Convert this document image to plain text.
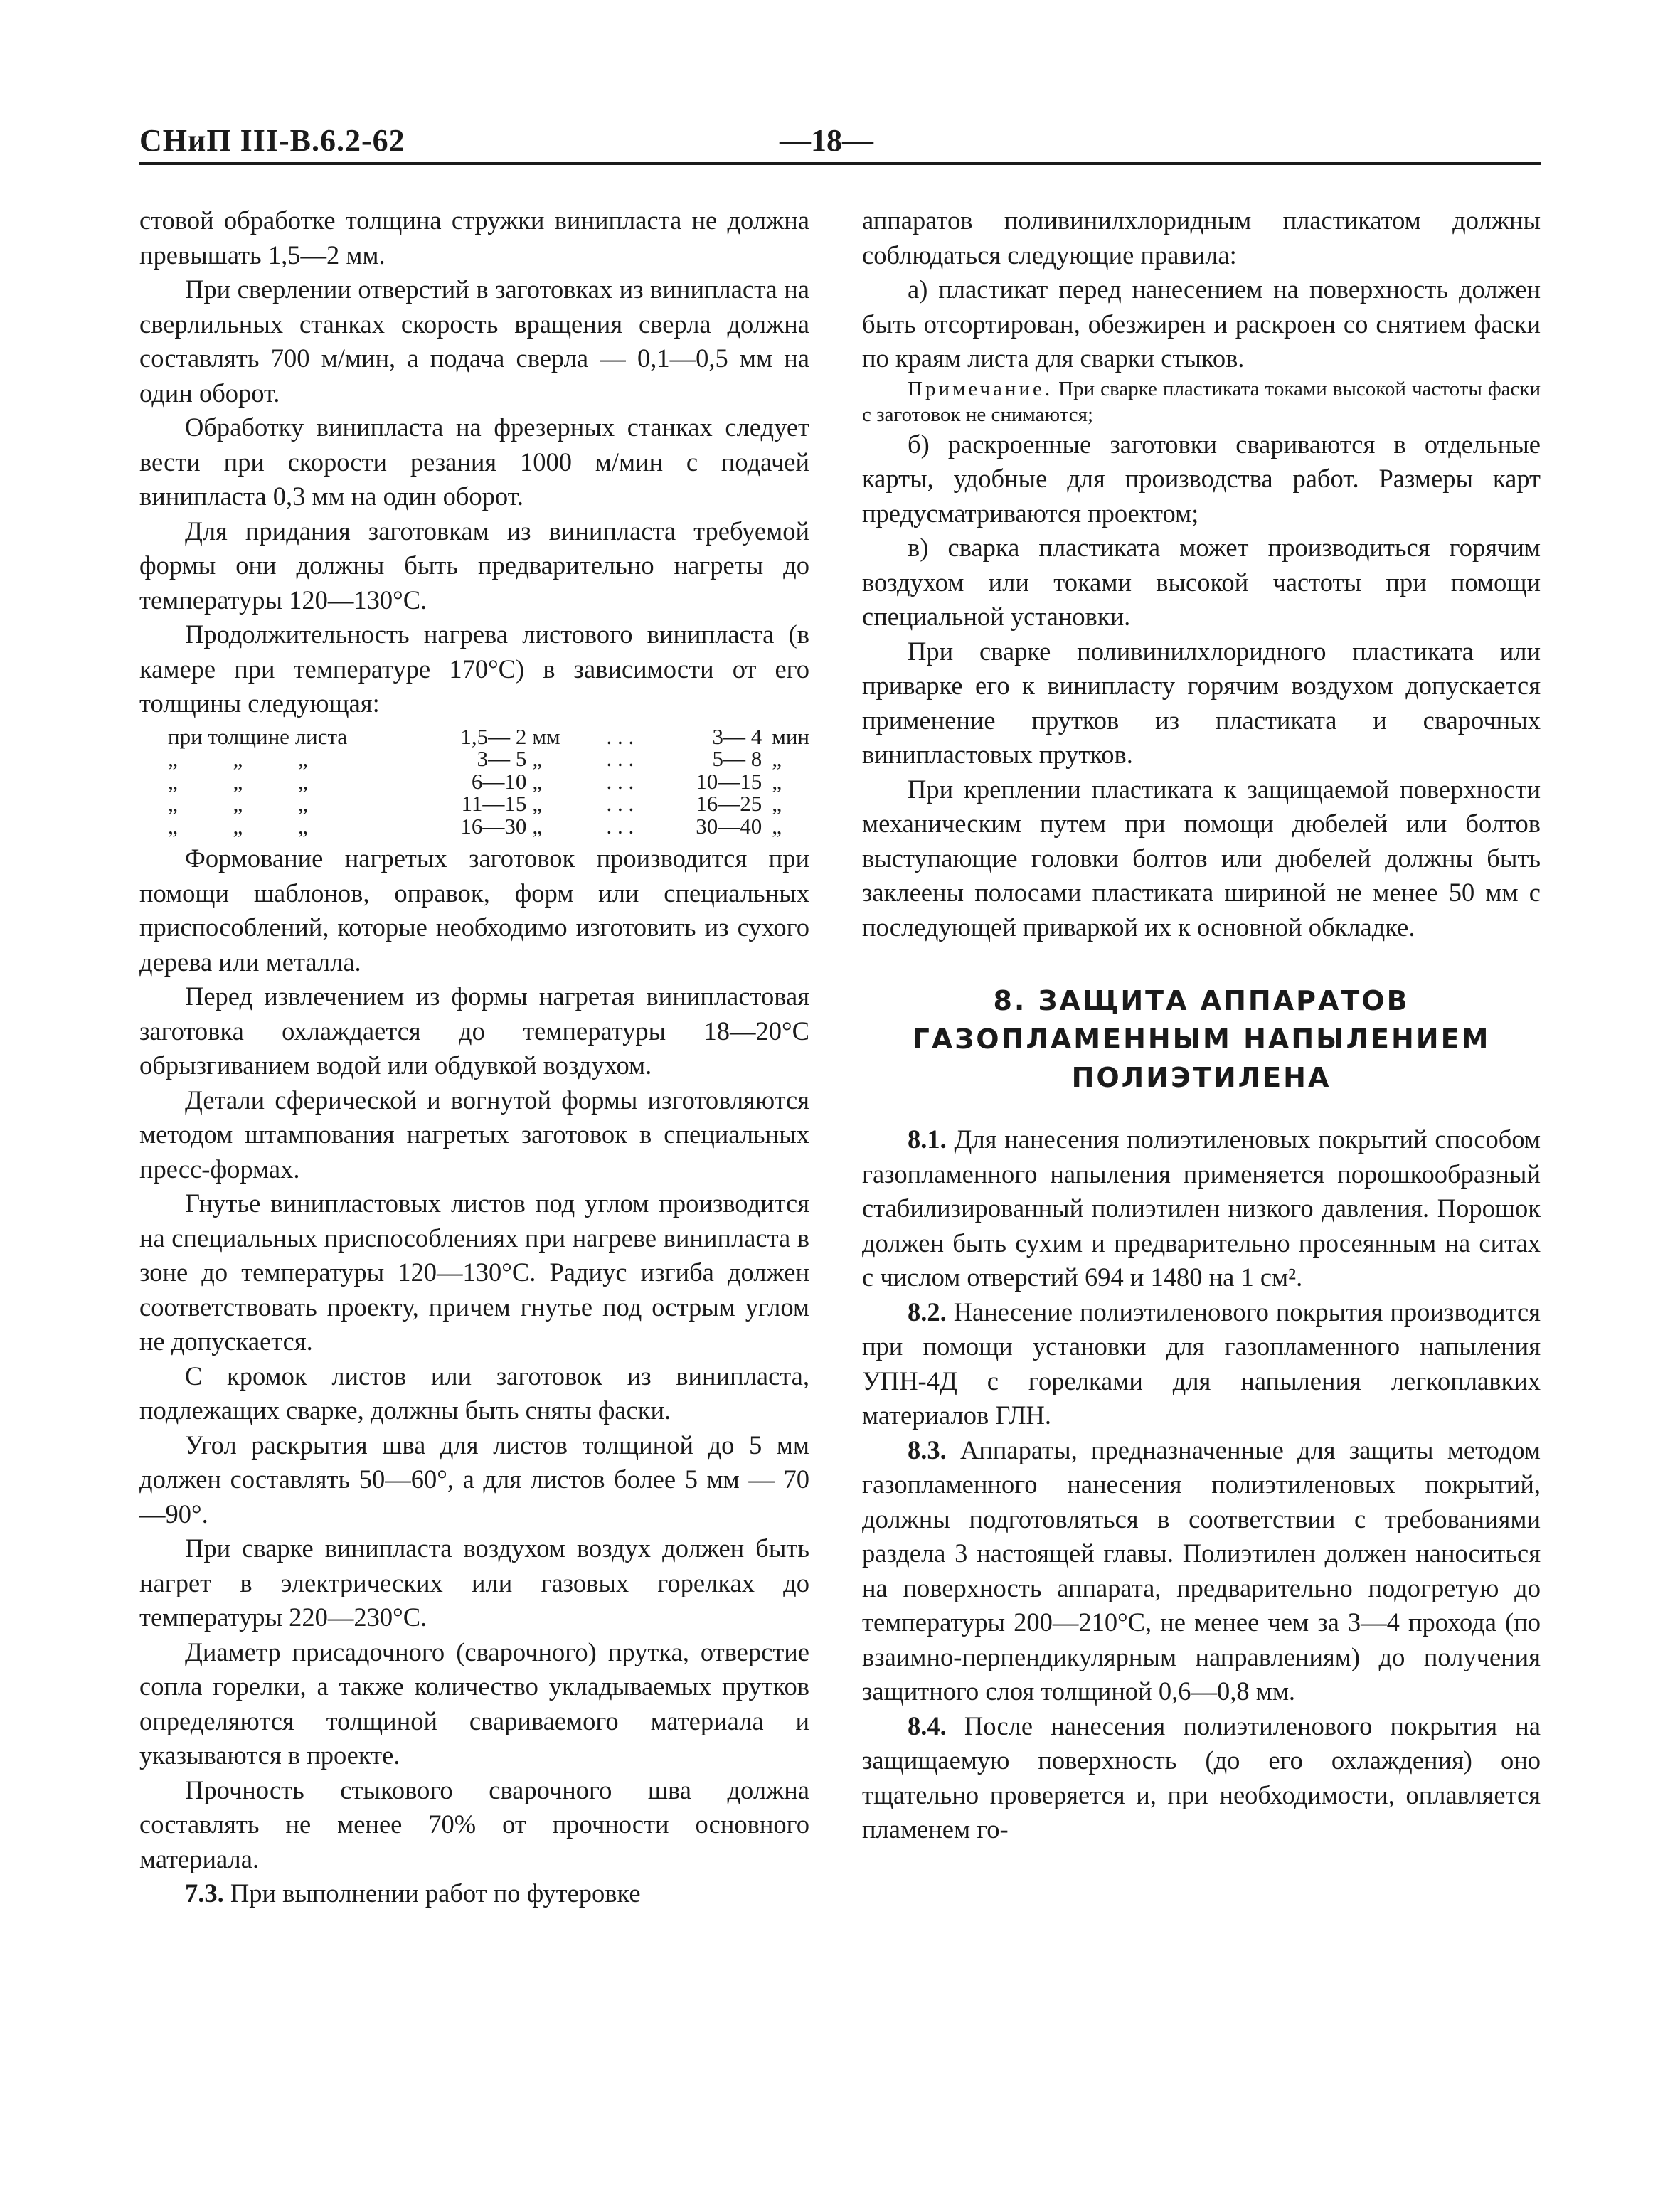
СНиП III-В.6.2-62	—18—

стовой обработке толщина стружки винипласта не должна превышать 1,5—2 мм.

При сверлении отверстий в заготовках из винипласта на сверлильных станках скорость вращения сверла должна составлять 700 м/мин, а подача сверла — 0,1—0,5 мм на один оборот.

Обработку винипласта на фрезерных станках следует вести при скорости резания 1000 м/мин с подачей винипласта 0,3 мм на один оборот.

Для придания заготовкам из винипласта требуемой формы они должны быть предварительно нагреты до температуры 120—130°С.

Продолжительность нагрева листового винипласта (в камере при температуре 170°С) в зависимости от его толщины следующая:

при толщине листа	1,5— 2	мм	. . .	3— 4	мин
„ „ „	3— 5	„	. . .	5— 8	„
„ „ „	6—10	„	. . .	10—15	„
„ „ „	11—15	„	. . .	16—25	„
„ „ „	16—30	„	. . .	30—40	„

Формование нагретых заготовок производится при помощи шаблонов, оправок, форм или специальных приспособлений, которые необходимо изготовить из сухого дерева или металла.

Перед извлечением из формы нагретая винипластовая заготовка охлаждается до температуры 18—20°С обрызгиванием водой или обдувкой воздухом.

Детали сферической и вогнутой формы изготовляются методом штампования нагретых заготовок в специальных пресс-формах.

Гнутье винипластовых листов под углом производится на специальных приспособлениях при нагреве винипласта в зоне до температуры 120—130°С. Радиус изгиба должен соответствовать проекту, причем гнутье под острым углом не допускается.

С кромок листов или заготовок из винипласта, подлежащих сварке, должны быть сняты фаски.

Угол раскрытия шва для листов толщиной до 5 мм должен составлять 50—60°, а для листов более 5 мм — 70—90°.

При сварке винипласта воздухом воздух должен быть нагрет в электрических или газовых горелках до температуры 220—230°С.

Диаметр присадочного (сварочного) прутка, отверстие сопла горелки, а также количество укладываемых прутков определяются толщиной свариваемого материала и указываются в проекте.

Прочность стыкового сварочного шва должна составлять не менее 70% от прочности основного материала.

7.3. При выполнении работ по футеровке

аппаратов поливинилхлоридным пластикатом должны соблюдаться следующие правила:

а) пластикат перед нанесением на поверхность должен быть отсортирован, обезжирен и раскроен со снятием фаски по краям листа для сварки стыков.

Примечание. При сварке пластиката токами высокой частоты фаски с заготовок не снимаются;

б) раскроенные заготовки свариваются в отдельные карты, удобные для производства работ. Размеры карт предусматриваются проектом;

в) сварка пластиката может производиться горячим воздухом или токами высокой частоты при помощи специальной установки.

При сварке поливинилхлоридного пластиката или приварке его к винипласту горячим воздухом допускается применение прутков из пластиката и сварочных винипластовых прутков.

При креплении пластиката к защищаемой поверхности механическим путем при помощи дюбелей или болтов выступающие головки болтов или дюбелей должны быть заклеены полосами пластиката шириной не менее 50 мм с последующей приваркой их к основной обкладке.

8. ЗАЩИТА АППАРАТОВ
ГАЗОПЛАМЕННЫМ НАПЫЛЕНИЕМ
ПОЛИЭТИЛЕНА

8.1. Для нанесения полиэтиленовых покрытий способом газопламенного напыления применяется порошкообразный стабилизированный полиэтилен низкого давления. Порошок должен быть сухим и предварительно просеянным на ситах с числом отверстий 694 и 1480 на 1 см².

8.2. Нанесение полиэтиленового покрытия производится при помощи установки для газопламенного напыления УПН-4Д с горелками для напыления легкоплавких материалов ГЛН.

8.3. Аппараты, предназначенные для защиты методом газопламенного нанесения полиэтиленовых покрытий, должны подготовляться в соответствии с требованиями раздела 3 настоящей главы. Полиэтилен должен наноситься на поверхность аппарата, предварительно подогретую до температуры 200—210°С, не менее чем за 3—4 прохода (по взаимно-перпендикулярным направлениям) до получения защитного слоя толщиной 0,6—0,8 мм.

8.4. После нанесения полиэтиленового покрытия на защищаемую поверхность (до его охлаждения) оно тщательно проверяется и, при необходимости, оплавляется пламенем го-
